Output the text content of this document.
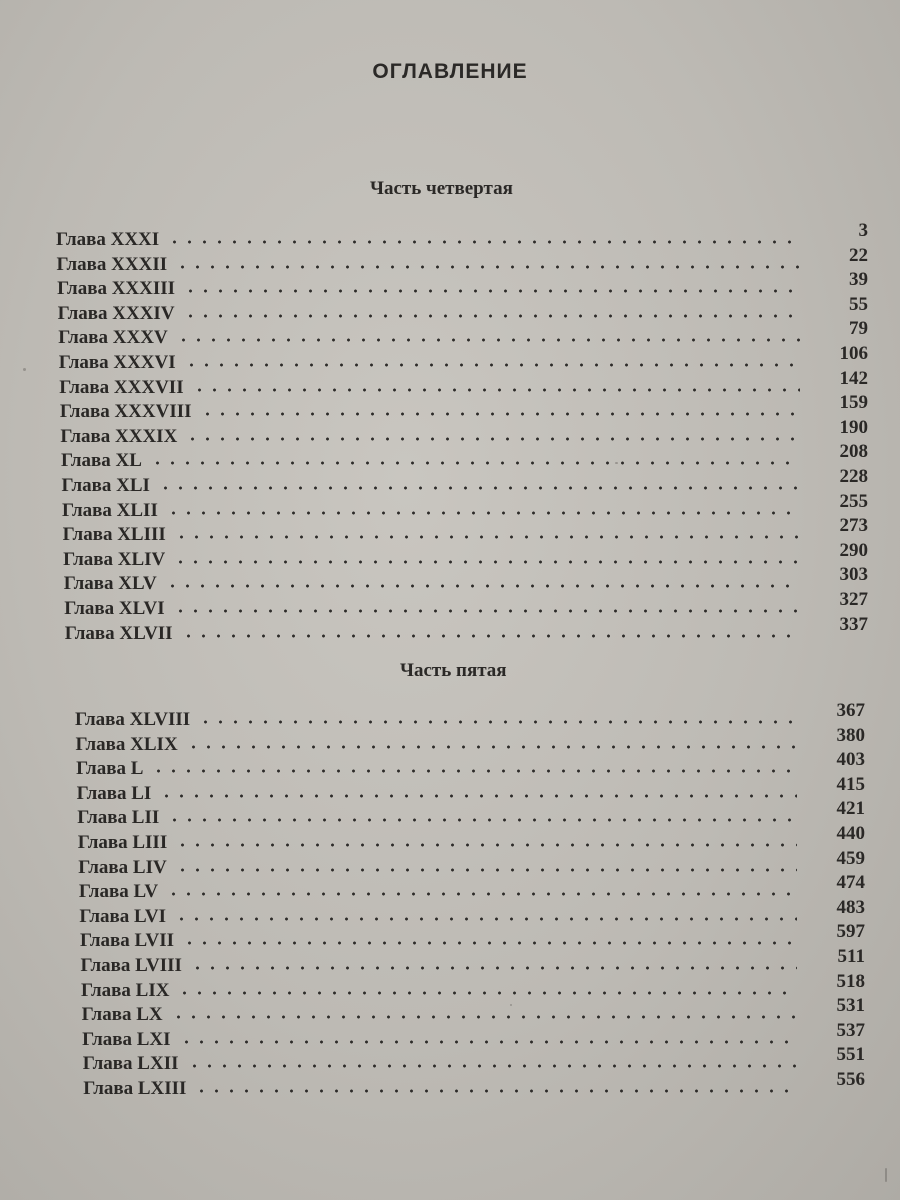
ОГЛАВЛЕНИЕ
Часть четвертая
Глава XXXI	3
Глава XXXII	22
Глава XXXIII	39
Глава XXXIV	55
Глава XXXV	79
Глава XXXVI	106
Глава XXXVII	142
Глава XXXVIII	159
Глава XXXIX	190
Глава XL	208
Глава XLI	228
Глава XLII	255
Глава XLIII	273
Глава XLIV	290
Глава XLV	303
Глава XLVI	327
Глава XLVII	337
Часть пятая
Глава XLVIII	367
Глава XLIX	380
Глава L	403
Глава LI	415
Глава LII	421
Глава LIII	440
Глава LIV	459
Глава LV	474
Глава LVI	483
Глава LVII	597
Глава LVIII	511
Глава LIX	518
Глава LX	531
Глава LXI	537
Глава LXII	551
Глава LXIII	556
